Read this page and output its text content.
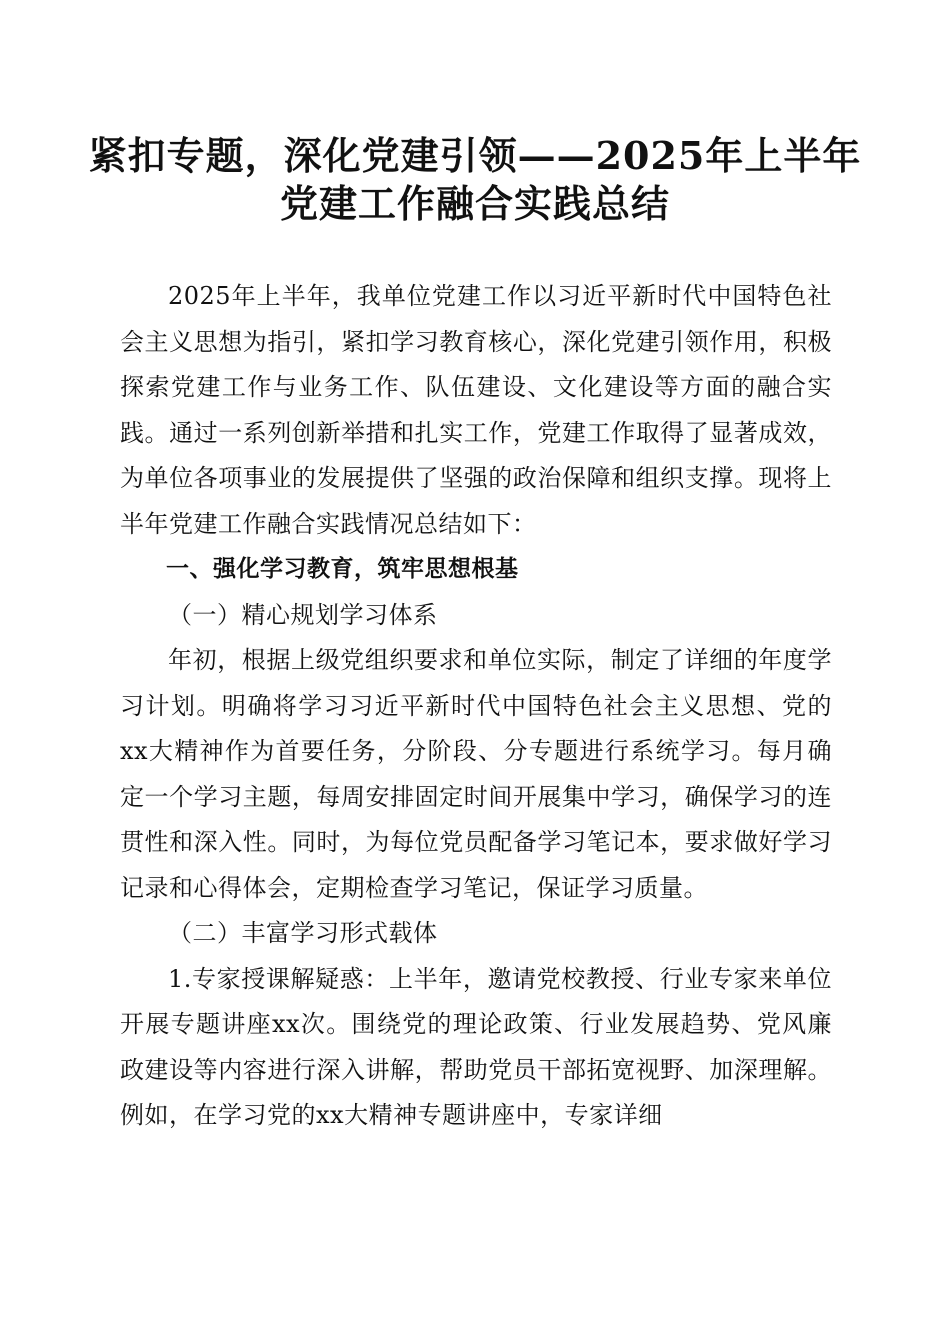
紧扣专题，深化党建引领——2025年上半年
党建工作融合实践总结

2025年上半年，我单位党建工作以习近平新时代中国特色社会主义思想为指引，紧扣学习教育核心，深化党建引领作用，积极探索党建工作与业务工作、队伍建设、文化建设等方面的融合实践。通过一系列创新举措和扎实工作，党建工作取得了显著成效，为单位各项事业的发展提供了坚强的政治保障和组织支撑。现将上半年党建工作融合实践情况总结如下：

一、强化学习教育，筑牢思想根基

（一）精心规划学习体系

年初，根据上级党组织要求和单位实际，制定了详细的年度学习计划。明确将学习习近平新时代中国特色社会主义思想、党的xx大精神作为首要任务，分阶段、分专题进行系统学习。每月确定一个学习主题，每周安排固定时间开展集中学习，确保学习的连贯性和深入性。同时，为每位党员配备学习笔记本，要求做好学习记录和心得体会，定期检查学习笔记，保证学习质量。

（二）丰富学习形式载体

1.专家授课解疑惑：上半年，邀请党校教授、行业专家来单位开展专题讲座xx次。围绕党的理论政策、行业发展趋势、党风廉政建设等内容进行深入讲解，帮助党员干部拓宽视野、加深理解。例如，在学习党的xx大精神专题讲座中，专家详细
